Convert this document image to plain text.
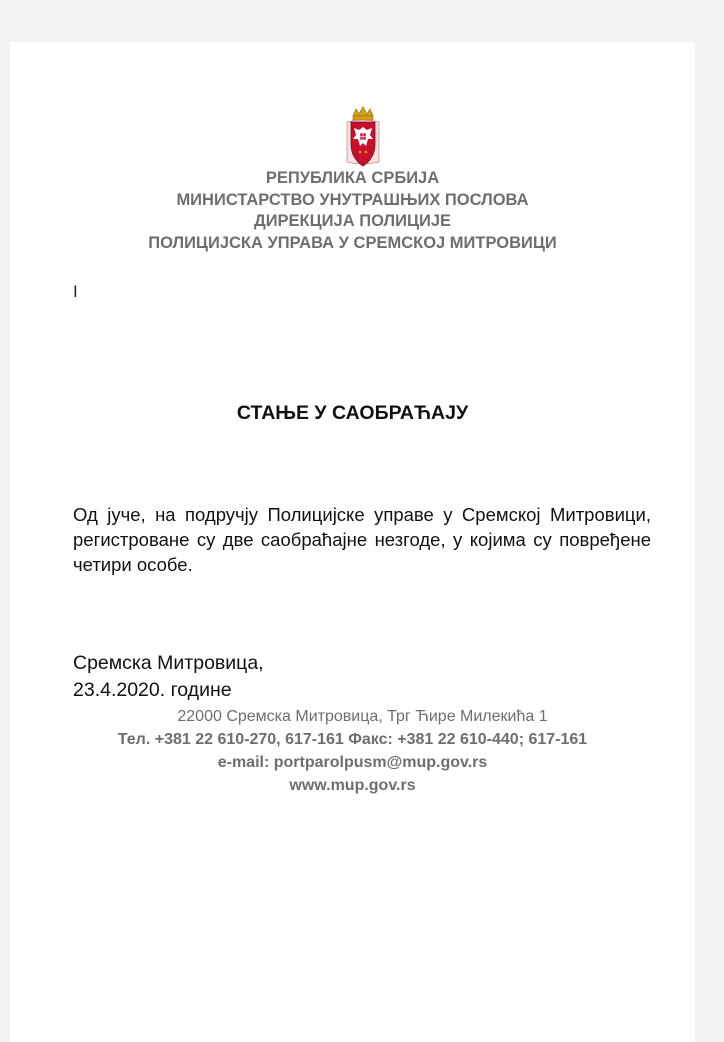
РЕПУБЛИКА СРБИЈА
МИНИСТАРСТВО УНУТРАШЊИХ ПОСЛОВА
ДИРЕКЦИЈА ПОЛИЦИЈЕ
ПОЛИЦИЈСКА УПРАВА У СРЕМСКОЈ МИТРОВИЦИ
I
СТАЊЕ У САОБРАЋАЈУ
Од јуче, на подручју Полицијске управе у Сремској Митровици, регистроване су две саобраћајне незгоде, у којима су повређене четири особе.
Сремска Митровица,
23.4.2020. године
22000 Сремска Митровица, Трг Ћире Милекића 1
Тел. +381 22 610-270, 617-161 Факс: +381 22 610-440; 617-161
e-mail: portparolpusm@mup.gov.rs
www.mup.gov.rs
